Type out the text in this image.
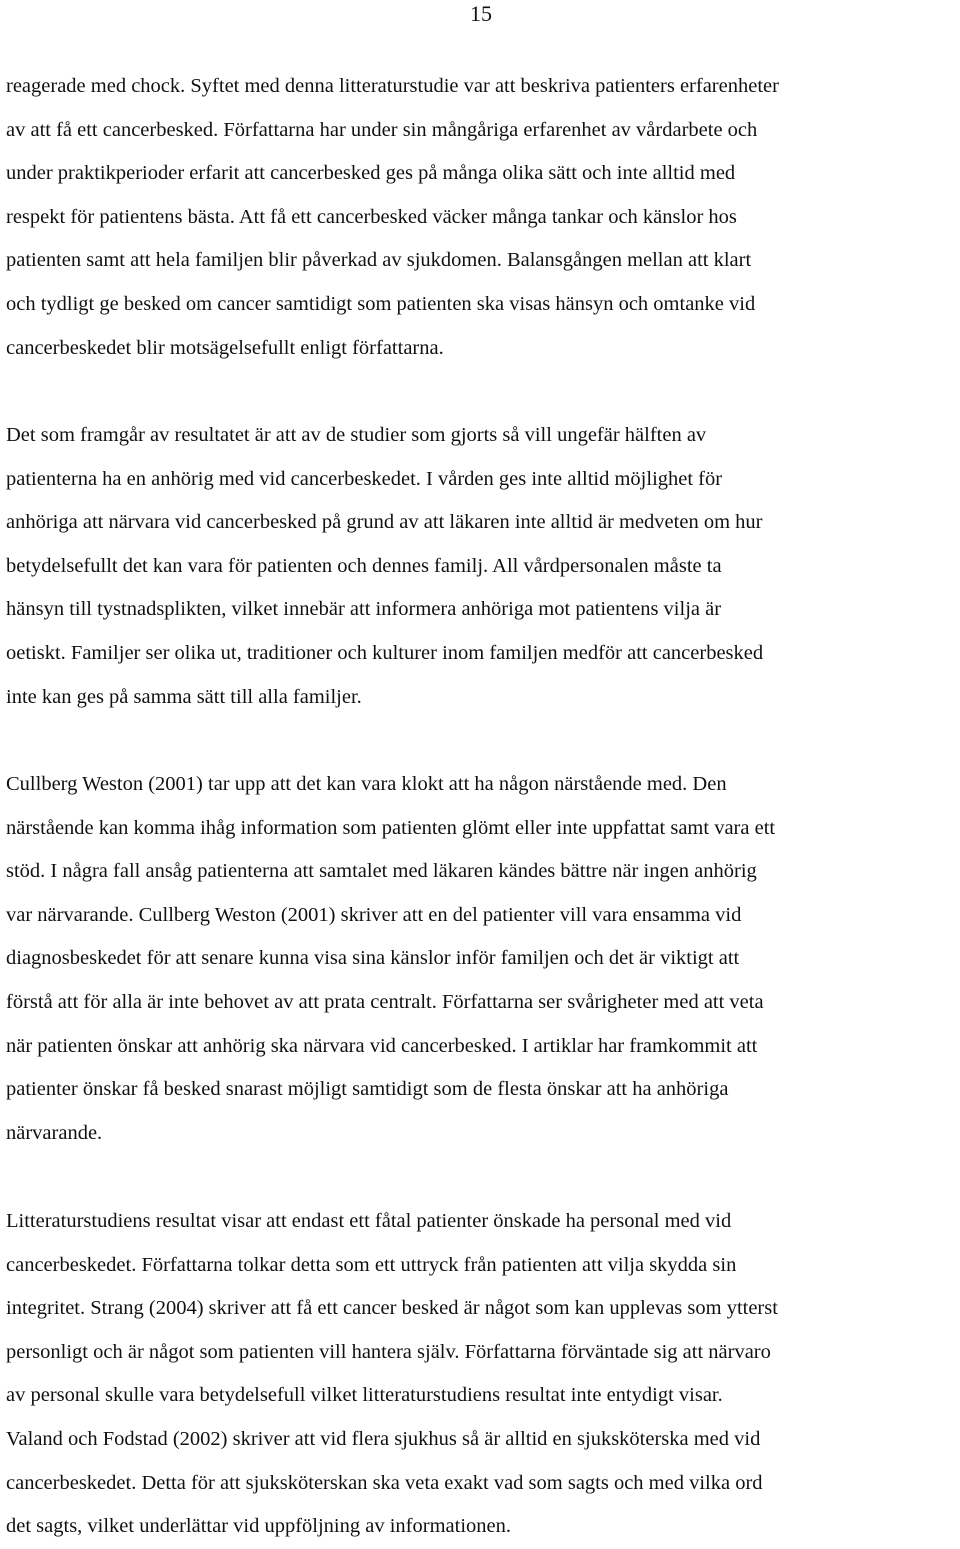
15
reagerade med chock. Syftet med denna litteraturstudie var att beskriva patienters erfarenheter
av att få ett cancerbesked. Författarna har under sin mångåriga erfarenhet av vårdarbete och
under praktikperioder erfarit att cancerbesked ges på många olika sätt och inte alltid med
respekt för patientens bästa. Att få ett cancerbesked väcker många tankar och känslor hos
patienten samt att hela familjen blir påverkad av sjukdomen. Balansgången mellan att klart
och tydligt ge besked om cancer samtidigt som patienten ska visas hänsyn och omtanke vid
cancerbeskedet blir motsägelsefullt enligt författarna.
Det som framgår av resultatet är att av de studier som gjorts så vill ungefär hälften av
patienterna ha en anhörig med vid cancerbeskedet. I vården ges inte alltid möjlighet för
anhöriga att närvara vid cancerbesked på grund av att läkaren inte alltid är medveten om hur
betydelsefullt det kan vara för patienten och dennes familj. All vårdpersonalen måste ta
hänsyn till tystnadsplikten, vilket innebär att informera anhöriga mot patientens vilja är
oetiskt. Familjer ser olika ut, traditioner och kulturer inom familjen medför att cancerbesked
inte kan ges på samma sätt till alla familjer.
Cullberg Weston (2001) tar upp att det kan vara klokt att ha någon närstående med. Den
närstående kan komma ihåg information som patienten glömt eller inte uppfattat samt vara ett
stöd. I några fall ansåg patienterna att samtalet med läkaren kändes bättre när ingen anhörig
var närvarande. Cullberg Weston (2001) skriver att en del patienter vill vara ensamma vid
diagnosbeskedet för att senare kunna visa sina känslor inför familjen och det är viktigt att
förstå att för alla är inte behovet av att prata centralt. Författarna ser svårigheter med att veta
när patienten önskar att anhörig ska närvara vid cancerbesked. I artiklar har framkommit att
patienter önskar få besked snarast möjligt samtidigt som de flesta önskar att ha anhöriga
närvarande.
Litteraturstudiens resultat visar att endast ett fåtal patienter önskade ha personal med vid
cancerbeskedet. Författarna tolkar detta som ett uttryck från patienten att vilja skydda sin
integritet. Strang (2004) skriver att få ett cancer besked är något som kan upplevas som ytterst
personligt och är något som patienten vill hantera själv. Författarna förväntade sig att närvaro
av personal skulle vara betydelsefull vilket litteraturstudiens resultat inte entydigt visar.
Valand och Fodstad (2002) skriver att vid flera sjukhus så är alltid en sjuksköterska med vid
cancerbeskedet. Detta för att sjuksköterskan ska veta exakt vad som sagts och med vilka ord
det sagts, vilket underlättar vid uppföljning av informationen.
